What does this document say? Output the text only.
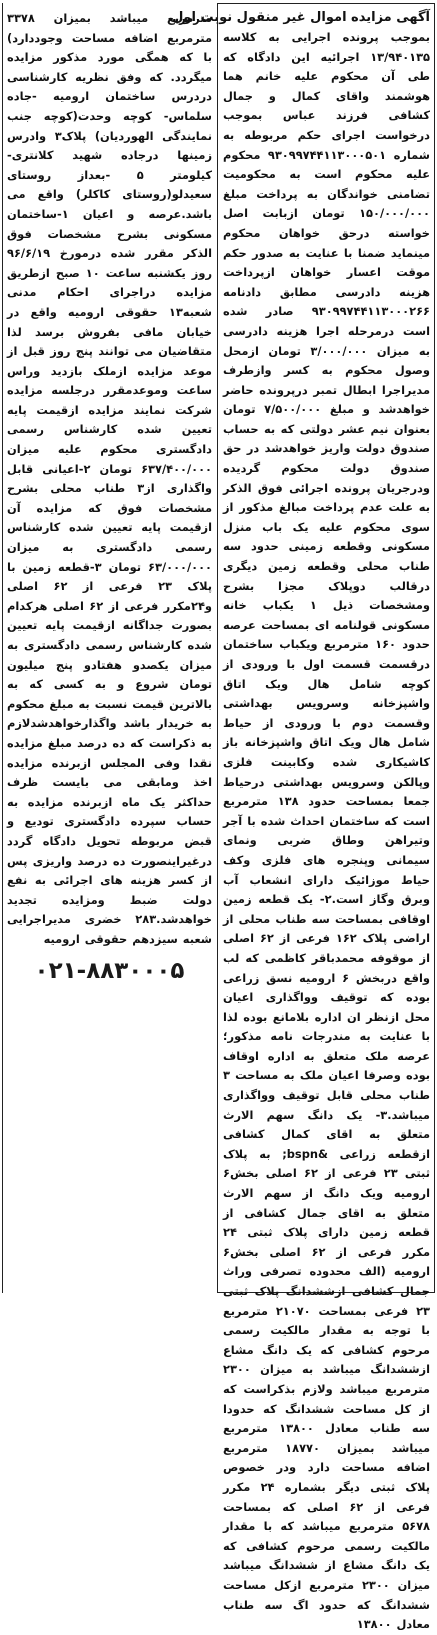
آگهی مزایده اموال غیر منقول نوبت اول

بموجب پرونده اجرایی به کلاسه ۱۳/۹۴۰۱۳۵ اجرائیه این دادگاه که طی آن محکوم علیه خانم هما هوشمند واقای کمال و جمال کشافی فرزند عباس بموجب درخواست اجرای حکم مربوطه به شماره ۹۳۰۹۹۷۴۴۱۱۳۰۰۰۵۰۱ محکوم علیه محکوم است به محکومیت تضامنی خواندگان به پرداخت مبلغ ۱۵۰/۰۰۰/۰۰۰ تومان ازبابت اصل خواسته درحق خواهان محکوم مینماید ضمنا با عنایت به صدور حکم موقت اعسار خواهان ازپرداخت هزینه دادرسی مطابق دادنامه ۹۳۰۹۹۷۴۴۱۱۳۰۰۰۲۶۶ صادر شده است درمرحله اجرا هزینه دادرسی به میزان ۳/۰۰۰/۰۰۰ تومان ازمحل وصول محکوم به کسر وازطرف مدیراجرا ابطال تمبر درپرونده حاضر خواهدشد و مبلغ ۷/۵۰۰/۰۰۰ تومان بعنوان نیم عشر دولتی که به حساب صندوق دولت واریز خواهدشد در حق صندوق دولت محکوم گردیده ودرجریان پرونده اجرائی فوق الذکر به علت عدم پرداخت مبالغ مذکور از سوی محکوم علیه یک باب منزل مسکونی وقطعه زمینی حدود سه طناب محلی وقطعه زمین دیگری درقالب دوپلاک مجزا بشرح ومشخصات ذیل ۱ یکباب خانه مسکونی قولنامه ای بمساحت عرصه حدود ۱۶۰ مترمربع ویکباب ساختمان درقسمت قسمت اول با ورودی از کوچه شامل هال ویک اتاق واشپزخانه وسرویس بهداشتی وقسمت دوم با ورودی از حیاط شامل هال ویک اتاق واشپزخانه باز کاشیکاری شده وکابینت فلزی وپالکن وسرویس بهداشتی درحیاط جمعا بمساحت حدود ۱۳۸ مترمربع است که ساختمان احداث شده با آجر وتیراهن وطاق ضربی ونمای سیمانی وپنجره های فلزی وکف حیاط موزائیک دارای انشعاب آب وبرق وگاز است.۲- یک قطعه زمین اوقافی بمساحت سه طناب محلی از اراضی پلاک ۱۶۲ فرعی از ۶۲ اصلی از موقوفه محمدباقر کاظمی که لب واقع دربخش ۶ ارومیه نسق زراعی بوده که توقیف وواگذاری اعیان محل ازنظر ان اداره بلامانع بوده لذا با عنایت به مندرجات نامه مذکور؛ عرصه ملک متعلق به اداره اوقاف بوده وصرفا اعیان ملک به مساحت ۳ طناب محلی قابل توقیف وواگذاری میباشد.۳- یک دانگ سهم الارث متعلق به اقای کمال کشافی ازقطعه زراعی &bspn; به پلاک ثبتی ۲۳ فرعی از ۶۲ اصلی بخش۶ ارومیه ویک دانگ از سهم الارث متعلق به اقای جمال کشافی از قطعه زمین دارای پلاک ثبتی ۲۴ مکرر فرعی از ۶۲ اصلی بخش۶ ارومیه (الف محدوده تصرفی وراث جمال کشافی ازششدانگ پلاک ثبتی ۲۳ فرعی بمساحت ۲۱۰۷۰ مترمربع با توجه به مقدار مالکیت رسمی مرحوم کشافی که یک دانگ مشاع ازششدانگ میباشد به میزان ۲۳۰۰ مترمربع میباشد ولازم بذکراست که از کل مساحت ششدانگ که حدودا سه طناب معادل ۱۳۸۰۰ مترمربع میباشد بمیزان ۱۸۷۷۰ مترمربع اضافه مساحت دارد ودر خصوص پلاک ثبتی دیگر بشماره ۲۴ مکرر فرعی از ۶۲ اصلی که بمساحت ۵۶۷۸ مترمربع میباشد که با مقدار مالکیت رسمی مرحوم کشافی که یک دانگ مشاع از ششدانگ میباشد میزان ۲۳۰۰ مترمربع ازکل مساحت ششدانگ که حدود اگ سه طناب معادل ۱۳۸۰۰

مترمربع میباشد بمیزان ۳۳۷۸ مترمربع اضافه مساحت وجوددارد) با که همگی مورد مذکور مزایده میگردد. که وفق نظریه کارشناسی دردرس ساختمان ارومیه -جاده سلماس- کوچه وحدت(کوچه جنب نمایندگی الهوردیان) پلاک۳ وادرس زمینها درجاده شهید کلانتری-کیلومتر ۵ -بعداز روستای سعیدلو(روستای کاکلر) واقع می باشد.عرصه و اعیان ۱-ساختمان مسکونی بشرح مشخصات فوق الذکر مقرر شده درمورخ ۹۶/۶/۱۹ روز یکشنبه ساعت ۱۰ صبح ازطریق مزایده دراجرای احکام مدنی شعبه۱۳ حقوقی ارومیه واقع در خیابان مافی بفروش برسد لذا متقاضیان می توانند پنج روز قبل از موعد مزایده ازملک بازدید وراس ساعت وموعدمقرر درجلسه مزایده شرکت نمایند مزایده ازقیمت پایه تعیین شده کارشناس رسمی دادگستری محکوم علیه میزان ۶۳۷/۴۰۰/۰۰۰ تومان ۲-اعیانی قابل واگذاری از۳ طناب محلی بشرح مشخصات فوق که مزایده آن ازقیمت پایه تعیین شده کارشناس رسمی دادگستری به میزان ۶۳/۰۰۰/۰۰۰ تومان ۳-قطعه زمین با پلاک ۲۳ فرعی از ۶۲ اصلی و۲۴مکرر فرعی از ۶۲ اصلی هرکدام بصورت جداگانه ازقیمت پایه تعیین شده کارشناس رسمی دادگستری به میزان یکصدو هفتادو پنج میلیون تومان شروع و به کسی که به بالاترین قیمت نسبت به مبلغ محکوم به خریدار باشد واگذارخواهدشدلازم به ذکراست که ده درصد مبلغ مزایده نقدا وفی المجلس ازبرنده مزایده اخذ ومابقی می بایست ظرف حداکثر یک ماه ازبرنده مزایده به حساب سپرده دادگستری تودیع و قبض مربوطه تحویل دادگاه گردد درغیراینصورت ده درصد واریزی پس از کسر هزینه های اجرائی به نفع دولت ضبط ومزایده تجدید خواهدشد.۲۸۳ خضری مدیراجرایی شعبه سیزدهم حقوقی ارومیه

۰۲۱-۸۸۳۰۰۰۵
